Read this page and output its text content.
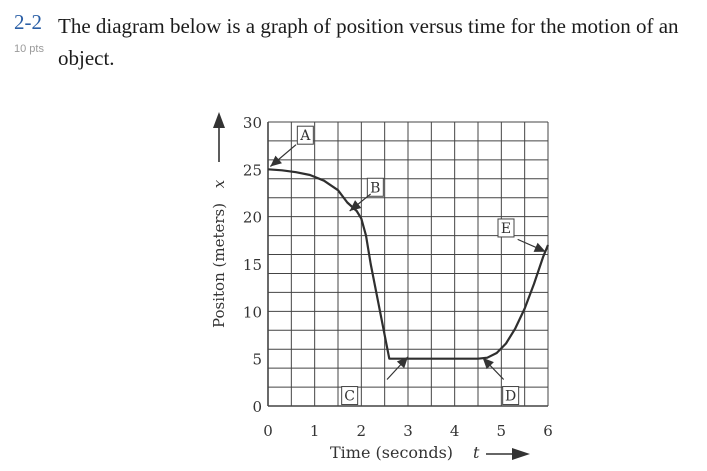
2-2
10 pts
The diagram below is a graph of position versus time for the motion of an object.
A
B
C	D
E
0
5
10
15
20
25
30
0 1 2 3 4 5 6
Positon (meters)
x
Time (seconds) t
